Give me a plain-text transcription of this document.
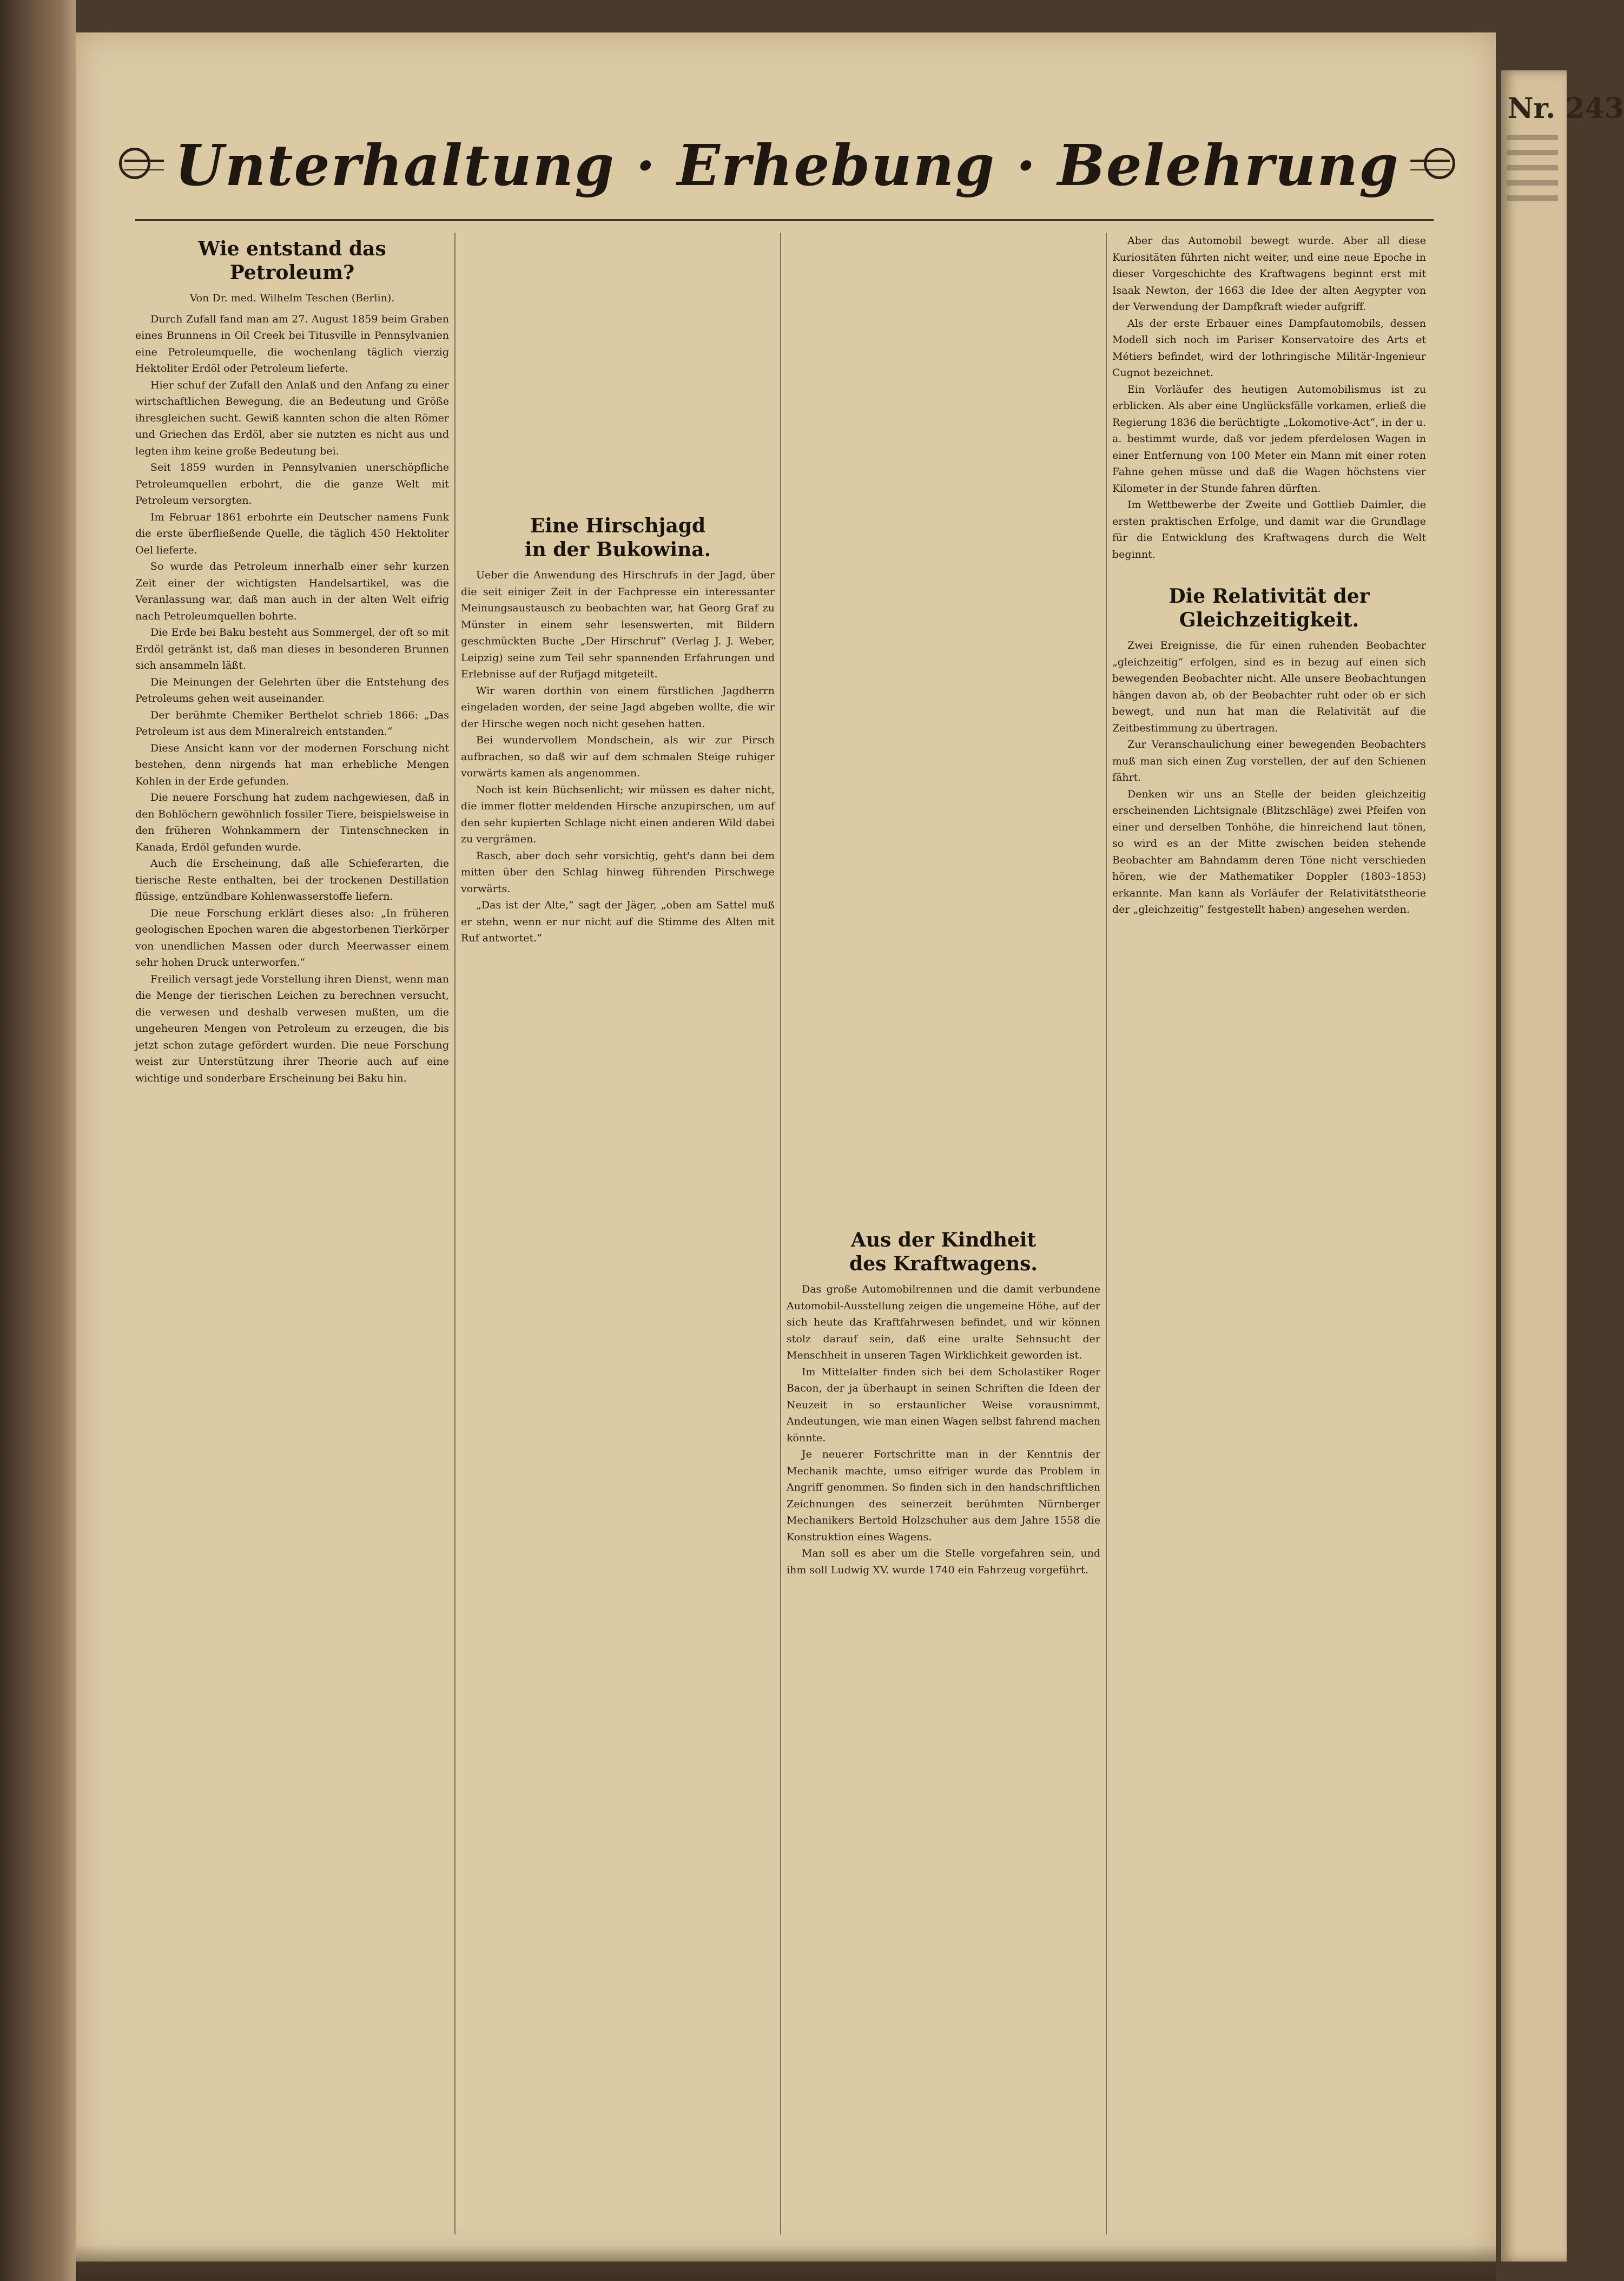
Unterhaltung · Erhebung · Belehrung
Wie entstand das
Petroleum?
Von Dr. med. Wilhelm Teschen (Berlin).

Durch Zufall fand man am 27. August 1859 beim Graben eines Brunnens in Oil Creek bei Titusville in Pennsylvanien eine Petroleumquelle, die wochenlang täglich vierzig Hektoliter Erdöl oder Petroleum lieferte.

Hier schuf der Zufall den Anlaß und den Anfang zu einer wirtschaftlichen Bewegung, die an Bedeutung und Größe ihresgleichen sucht. Gewiß kannten schon die alten Römer und Griechen das Erdöl, aber sie nutzten es nicht aus und legten ihm keine große Bedeutung bei.

Seit 1859 wurden in Pennsylvanien unerschöpfliche Petroleumquellen erbohrt, die die ganze Welt mit Petroleum versorgten.

Im Februar 1861 erbohrte ein Deutscher namens Funk die erste überfließende Quelle, die täglich 450 Hektoliter Oel lieferte.

So wurde das Petroleum innerhalb einer sehr kurzen Zeit einer der wichtigsten Handelsartikel, was die Veranlassung war, daß man auch in der alten Welt eifrig nach Petroleumquellen bohrte.

Die Erde bei Baku besteht aus Sommergel, der oft so mit Erdöl getränkt ist, daß man dieses in besonderen Brunnen sich ansammeln läßt.

Die Meinungen der Gelehrten über die Entstehung des Petroleums gehen weit auseinander.

Der berühmte Chemiker Berthelot schrieb 1866: „Das Petroleum ist aus dem Mineralreich entstanden.“

Diese Ansicht kann vor der modernen Forschung nicht bestehen, denn nirgends hat man erhebliche Mengen Kohlen in der Erde gefunden.

Die neuere Forschung hat zudem nachgewiesen, daß in den Bohlöchern gewöhnlich fossiler Tiere, beispielsweise in den früheren Wohnkammern der Tintenschnecken in Kanada, Erdöl gefunden wurde.

Auch die Erscheinung, daß alle Schieferarten, die tierische Reste enthalten, bei der trockenen Destillation flüssige, entzündbare Kohlenwasserstoffe liefern.

Die neue Forschung erklärt dieses also: „In früheren geologischen Epochen waren die abgestorbenen Tierkörper von unendlichen Massen oder durch Meerwasser einem sehr hohen Druck unterworfen.“

Freilich versagt jede Vorstellung ihren Dienst, wenn man die Menge der tierischen Leichen zu berechnen versucht, die verwesen und deshalb verwesen mußten, um die ungeheuren Mengen von Petroleum zu erzeugen, die bis jetzt schon zutage gefördert wurden. Die neue Forschung weist zur Unterstützung ihrer Theorie auch auf eine wichtige und sonderbare Erscheinung bei Baku hin.

Eine Hirschjagd
in der Bukowina.

Ueber die Anwendung des Hirschrufs in der Jagd, über die seit einiger Zeit in der Fachpresse ein interessanter Meinungsaustausch zu beobachten war, hat Georg Graf zu Münster in einem sehr lesenswerten, mit Bildern geschmückten Buche „Der Hirschruf“ (Verlag J. J. Weber, Leipzig) seine zum Teil sehr spannenden Erfahrungen und Erlebnisse auf der Rufjagd mitgeteilt.

Wir waren dorthin von einem fürstlichen Jagdherrn eingeladen worden, der seine Jagd abgeben wollte, die wir der Hirsche wegen noch nicht gesehen hatten.

Bei wundervollem Mondschein, als wir zur Pirsch aufbrachen, so daß wir auf dem schmalen Steige ruhiger vorwärts kamen als angenommen.

Noch ist kein Büchsenlicht; wir müssen es daher nicht, die immer flotter meldenden Hirsche anzupirschen, um auf den sehr kupierten Schlage nicht einen anderen Wild dabei zu vergrämen.

Rasch, aber doch sehr vorsichtig, geht's dann bei dem mitten über den Schlag hinweg führenden Pirschwege vorwärts.

„Das ist der Alte,“ sagt der Jäger, „oben am Sattel muß er stehn, wenn er nur nicht auf die Stimme des Alten mit Ruf antwortet.“

Aus der Kindheit
des Kraftwagens.

Das große Automobilrennen und die damit verbundene Automobil-Ausstellung zeigen die ungemeine Höhe, auf der sich heute das Kraftfahrwesen befindet, und wir können stolz darauf sein, daß eine uralte Sehnsucht der Menschheit in unseren Tagen Wirklichkeit geworden ist.

Im Mittelalter finden sich bei dem Scholastiker Roger Bacon, der ja überhaupt in seinen Schriften die Ideen der Neuzeit in so erstaunlicher Weise vorausnimmt, Andeutungen, wie man einen Wagen selbst fahrend machen könnte.

Je neuerer Fortschritte man in der Kenntnis der Mechanik machte, umso eifriger wurde das Problem in Angriff genommen. So finden sich in den handschriftlichen Zeichnungen des seinerzeit berühmten Nürnberger Mechanikers Bertold Holzschuher aus dem Jahre 1558 die Konstruktion eines Wagens.

Man soll es aber um die Stelle vorgefahren sein, und ihm soll Ludwig XV. wurde 1740 ein Fahrzeug vorgeführt.

Aber das Automobil bewegt wurde. Aber all diese Kuriositäten führten nicht weiter, und eine neue Epoche in dieser Vorgeschichte des Kraftwagens beginnt erst mit Isaak Newton, der 1663 die Idee der alten Aegypter von der Verwendung der Dampfkraft wieder aufgriff.

Als der erste Erbauer eines Dampfautomobils, dessen Modell sich noch im Pariser Konservatoire des Arts et Métiers befindet, wird der lothringische Militär-Ingenieur Cugnot bezeichnet.

Ein Vorläufer des heutigen Automobilismus ist zu erblicken. Als aber eine Unglücksfälle vorkamen, erließ die Regierung 1836 die berüchtigte „Lokomotive-Act“, in der u. a. bestimmt wurde, daß vor jedem pferdelosen Wagen in einer Entfernung von 100 Meter ein Mann mit einer roten Fahne gehen müsse und daß die Wagen höchstens vier Kilometer in der Stunde fahren dürften.

Im Wettbewerbe der Zweite und Gottlieb Daimler, die ersten praktischen Erfolge, und damit war die Grundlage für die Entwicklung des Kraftwagens durch die Welt beginnt.

Die Relativität der
Gleichzeitigkeit.

Zwei Ereignisse, die für einen ruhenden Beobachter „gleichzeitig“ erfolgen, sind es in bezug auf einen sich bewegenden Beobachter nicht. Alle unsere Beobachtungen hängen davon ab, ob der Beobachter ruht oder ob er sich bewegt, und nun hat man die Relativität auf die Zeitbestimmung zu übertragen.

Zur Veranschaulichung einer bewegenden Beobachters muß man sich einen Zug vorstellen, der auf den Schienen fährt.

Denken wir uns an Stelle der beiden gleichzeitig erscheinenden Lichtsignale (Blitzschläge) zwei Pfeifen von einer und derselben Tonhöhe, die hinreichend laut tönen, so wird es an der Mitte zwischen beiden stehende Beobachter am Bahndamm deren Töne nicht verschieden hören, wie der Mathematiker Doppler (1803–1853) erkannte. Man kann als Vorläufer der Relativitätstheorie der „gleichzeitig“ festgestellt haben) angesehen werden.

Nr. 243
